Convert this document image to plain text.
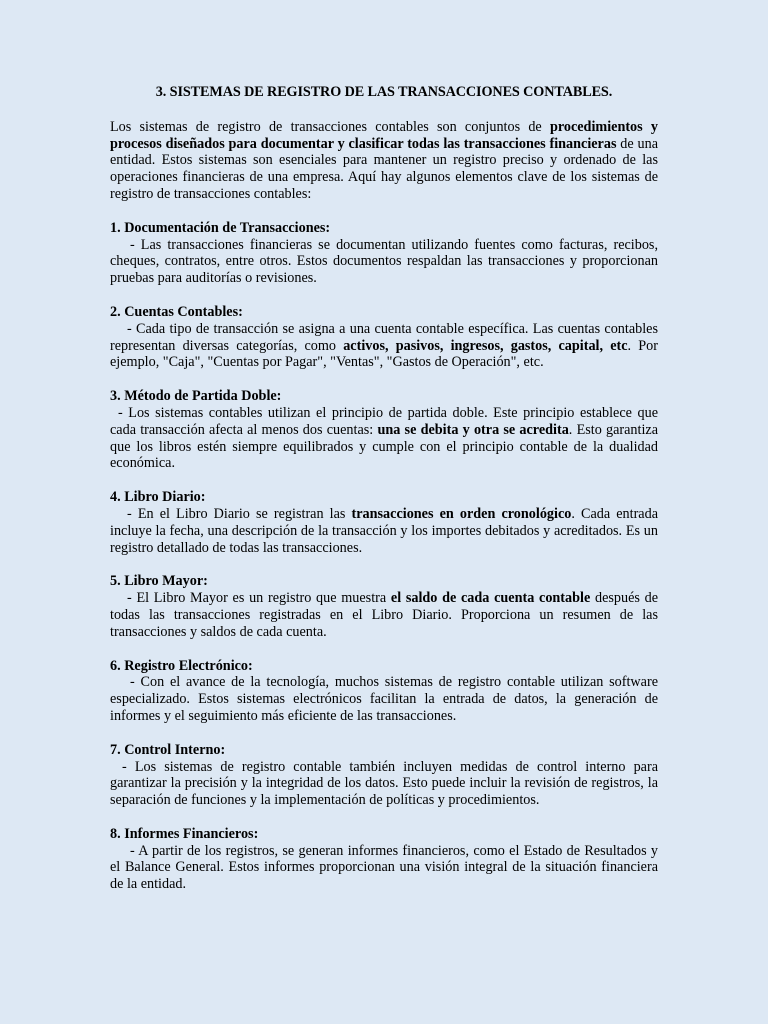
3. SISTEMAS DE REGISTRO DE LAS TRANSACCIONES CONTABLES.

Los sistemas de registro de transacciones contables son conjuntos de procedimientos y procesos diseñados para documentar y clasificar todas las transacciones financieras de una entidad. Estos sistemas son esenciales para mantener un registro preciso y ordenado de las operaciones financieras de una empresa. Aquí hay algunos elementos clave de los sistemas de registro de transacciones contables:

1. Documentación de Transacciones:

- Las transacciones financieras se documentan utilizando fuentes como facturas, recibos, cheques, contratos, entre otros. Estos documentos respaldan las transacciones y proporcionan pruebas para auditorías o revisiones.

2. Cuentas Contables:

- Cada tipo de transacción se asigna a una cuenta contable específica. Las cuentas contables representan diversas categorías, como activos, pasivos, ingresos, gastos, capital, etc. Por ejemplo, "Caja", "Cuentas por Pagar", "Ventas", "Gastos de Operación", etc.

3. Método de Partida Doble:

- Los sistemas contables utilizan el principio de partida doble. Este principio establece que cada transacción afecta al menos dos cuentas: una se debita y otra se acredita. Esto garantiza que los libros estén siempre equilibrados y cumple con el principio contable de la dualidad económica.

4. Libro Diario:

- En el Libro Diario se registran las transacciones en orden cronológico. Cada entrada incluye la fecha, una descripción de la transacción y los importes debitados y acreditados. Es un registro detallado de todas las transacciones.

5. Libro Mayor:

- El Libro Mayor es un registro que muestra el saldo de cada cuenta contable después de todas las transacciones registradas en el Libro Diario. Proporciona un resumen de las transacciones y saldos de cada cuenta.

6. Registro Electrónico:

- Con el avance de la tecnología, muchos sistemas de registro contable utilizan software especializado. Estos sistemas electrónicos facilitan la entrada de datos, la generación de informes y el seguimiento más eficiente de las transacciones.

7. Control Interno:

- Los sistemas de registro contable también incluyen medidas de control interno para garantizar la precisión y la integridad de los datos. Esto puede incluir la revisión de registros, la separación de funciones y la implementación de políticas y procedimientos.

8. Informes Financieros:

- A partir de los registros, se generan informes financieros, como el Estado de Resultados y el Balance General. Estos informes proporcionan una visión integral de la situación financiera de la entidad.
